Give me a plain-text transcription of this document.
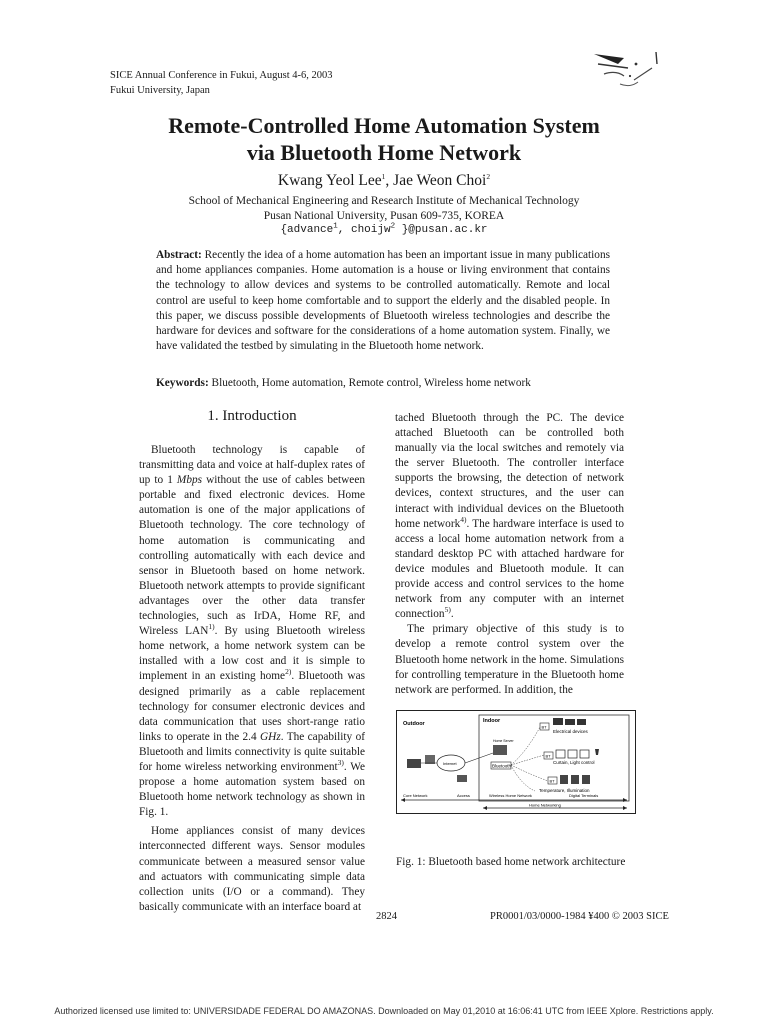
SICE Annual Conference in Fukui, August 4-6, 2003
Fukui University, Japan
Remote-Controlled Home Automation System
via Bluetooth Home Network
Kwang Yeol Lee$^1$, Jae Weon Choi$^2$
School of Mechanical Engineering and Research Institute of Mechanical Technology
Pusan National University, Pusan 609-735, KOREA
{advance$^1$, choijw$^2$ }@pusan.ac.kr
Abstract: Recently the idea of a home automation has been an important issue in many publications and home appliances companies. Home automation is a house or living environment that contains the technology to allow devices and systems to be controlled automatically. Remote and local control are useful to keep home comfortable and to support the elderly and the disabled people. In this paper, we discuss possible developments of Bluetooth wireless technologies and describe the hardware for devices and software for the considerations of a home automation system. Finally, we have validated the testbed by simulating in the Bluetooth home network.
Keywords: Bluetooth, Home automation, Remote control, Wireless home network
1. Introduction

Bluetooth technology is capable of transmitting data and voice at half-duplex rates of up to 1 Mbps without the use of cables between portable and fixed electronic devices. Home automation is one of the major applications of Bluetooth technology. The core technology of home automation is communicating and controlling automatically with each device and sensor in Bluetooth based on home network. Bluetooth network attempts to provide significant advantages over the other data transfer technologies, such as IrDA, Home RF, and Wireless LAN$^{1)}$. By using Bluetooth wireless home network, a home network system can be installed with a low cost and it is simple to implement in an existing home$^{2)}$. Bluetooth was designed primarily as a cable replacement technology for consumer electronic devices and data communication that uses short-range ratio links to operate in the 2.4 GHz. The capability of Bluetooth and limits connectivity is quite suitable for home wireless networking environment$^{3)}$. We propose a home automation system based on Bluetooth home network technology as shown in Fig. 1.

Home appliances consist of many devices interconnected different ways. Sensor modules communicate between a measured sensor value and actuators with communicating simple data collection units (I/O or a command). They basically communicate with an interface board at

tached Bluetooth through the PC. The device attached Bluetooth can be controlled both manually via the local switches and remotely via the server Bluetooth. The controller interface supports the browsing, the detection of network devices, context structures, and the user can interact with individual devices on the Bluetooth home network$^{4)}$. The hardware interface is used to access a local home automation network from a standard desktop PC with attached hardware for device modules and Bluetooth module. It can provide access and control services to the home network from any computer with an internet connection$^{5)}$.

The primary objective of this study is to develop a remote control system over the Bluetooth home network in the home. Simulations for controlling temperature in the Bluetooth home network are performed. In addition, the

Outdoor	Indoor
BT
Electrical devices
BT
Curtain, Light control
BT
Temperature, Illumination
Home Server
Bluetooth
Internet
Core Network	Access	Wireless Home Network	Digital Terminals
Home Networking
Fig. 1: Bluetooth based home network architecture
2824	PR0001/03/0000-1984 ¥400 © 2003 SICE
Authorized licensed use limited to: UNIVERSIDADE FEDERAL DO AMAZONAS. Downloaded on May 01,2010 at 16:06:41 UTC from IEEE Xplore. Restrictions apply.
